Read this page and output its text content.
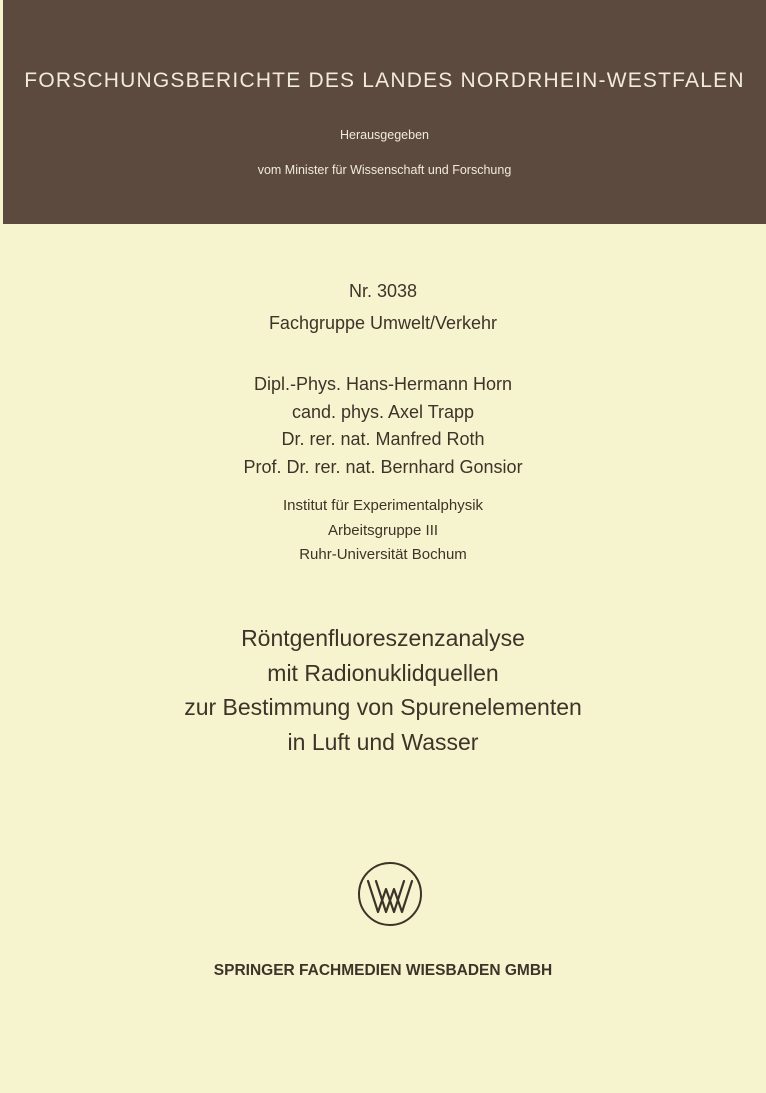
FORSCHUNGSBERICHTE DES LANDES NORDRHEIN-WESTFALEN
Herausgegeben
vom Minister für Wissenschaft und Forschung
Nr. 3038
Fachgruppe Umwelt/Verkehr
Dipl.-Phys. Hans-Hermann Horn
cand. phys. Axel Trapp
Dr. rer. nat. Manfred Roth
Prof. Dr. rer. nat. Bernhard Gonsior
Institut für Experimentalphysik
Arbeitsgruppe III
Ruhr-Universität Bochum
Röntgenfluoreszenzanalyse
mit Radionuklidquellen
zur Bestimmung von Spurenelementen
in Luft und Wasser
SPRINGER FACHMEDIEN WIESBADEN GMBH
